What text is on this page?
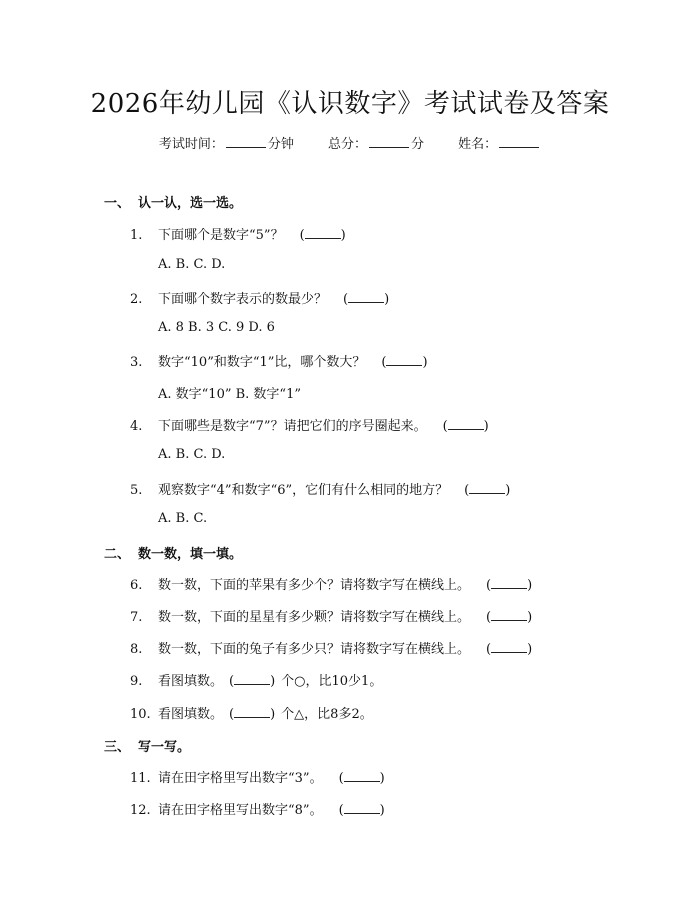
2026年幼儿园《认识数字》考试试卷及答案
考试时间：	分钟	总分：	分	姓名：
一、 认一认，选一选。
1. 下面哪个是数字“5”？ (	)
A. B. C. D.
2. 下面哪个数字表示的数最少？ (	)
A. 8 B. 3 C. 9 D. 6
3. 数字“10”和数字“1”比，哪个数大？ (	)
A. 数字“10” B. 数字“1”
4. 下面哪些是数字“7”？请把它们的序号圈起来。 (	)
A. B. C. D.
5. 观察数字“4”和数字“6”，它们有什么相同的地方？ (	)
A. B. C.
二、 数一数，填一填。
6. 数一数，下面的苹果有多少个？请将数字写在横线上。 (	)
7. 数一数，下面的星星有多少颗？请将数字写在横线上。 (	)
8. 数一数，下面的兔子有多少只？请将数字写在横线上。 (	)
9. 看图填数。 (	) 个○，比10少1。
10. 看图填数。 (	) 个△，比8多2。
三、 写一写。
11. 请在田字格里写出数字“3”。 (	)
12. 请在田字格里写出数字“8”。 (	)
